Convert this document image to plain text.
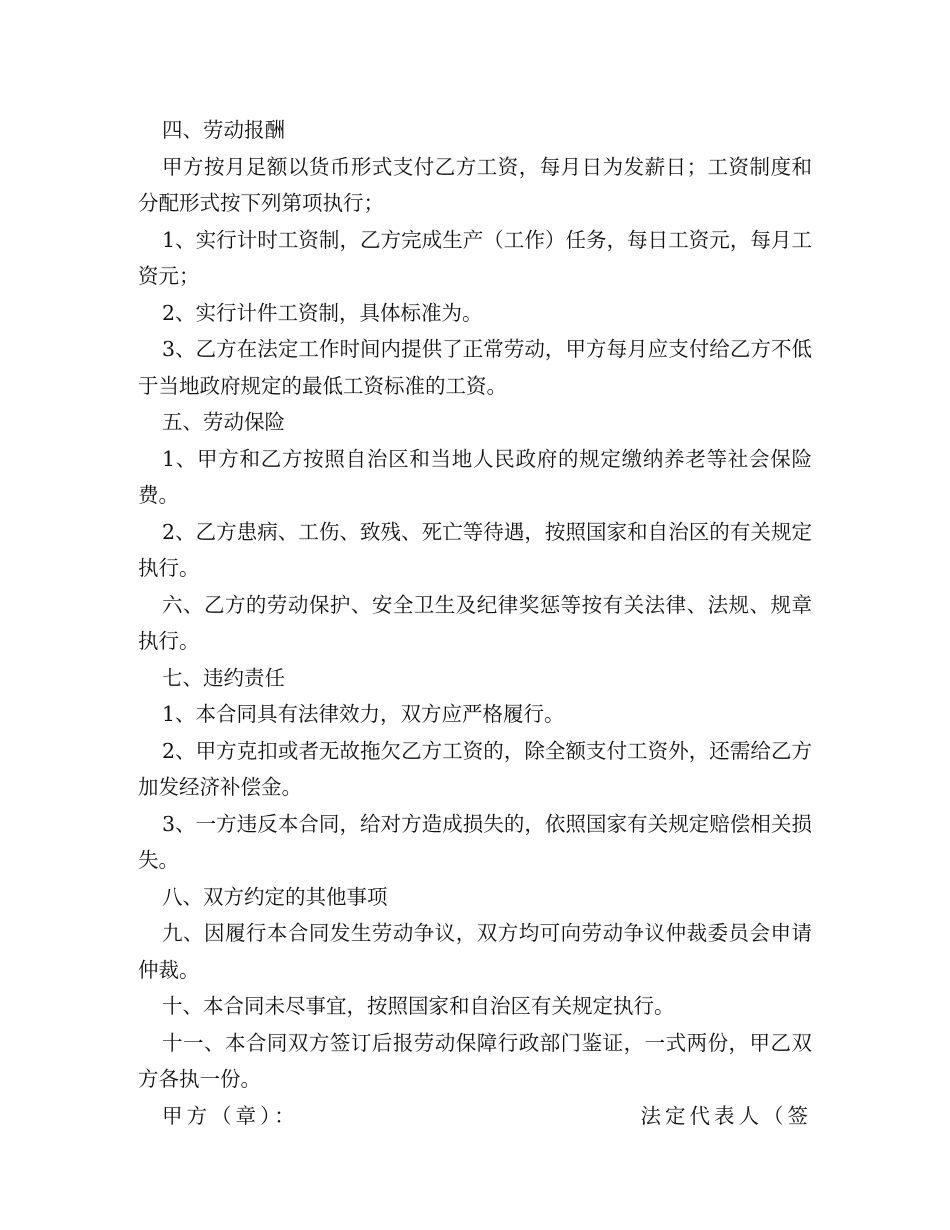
四、劳动报酬

甲方按月足额以货币形式支付乙方工资，每月日为发薪日；工资制度和分配形式按下列第项执行；

1、实行计时工资制，乙方完成生产（工作）任务，每日工资元，每月工资元；

2、实行计件工资制，具体标准为。

3、乙方在法定工作时间内提供了正常劳动，甲方每月应支付给乙方不低于当地政府规定的最低工资标准的工资。

五、劳动保险

1、甲方和乙方按照自治区和当地人民政府的规定缴纳养老等社会保险费。

2、乙方患病、工伤、致残、死亡等待遇，按照国家和自治区的有关规定执行。

六、乙方的劳动保护、安全卫生及纪律奖惩等按有关法律、法规、规章执行。

七、违约责任

1、本合同具有法律效力，双方应严格履行。

2、甲方克扣或者无故拖欠乙方工资的，除全额支付工资外，还需给乙方加发经济补偿金。

3、一方违反本合同，给对方造成损失的，依照国家有关规定赔偿相关损失。

八、双方约定的其他事项

九、因履行本合同发生劳动争议，双方均可向劳动争议仲裁委员会申请仲裁。

十、本合同未尽事宜，按照国家和自治区有关规定执行。

十一、本合同双方签订后报劳动保障行政部门鉴证，一式两份，甲乙双方各执一份。

甲方（章）：	法定代表人（签
